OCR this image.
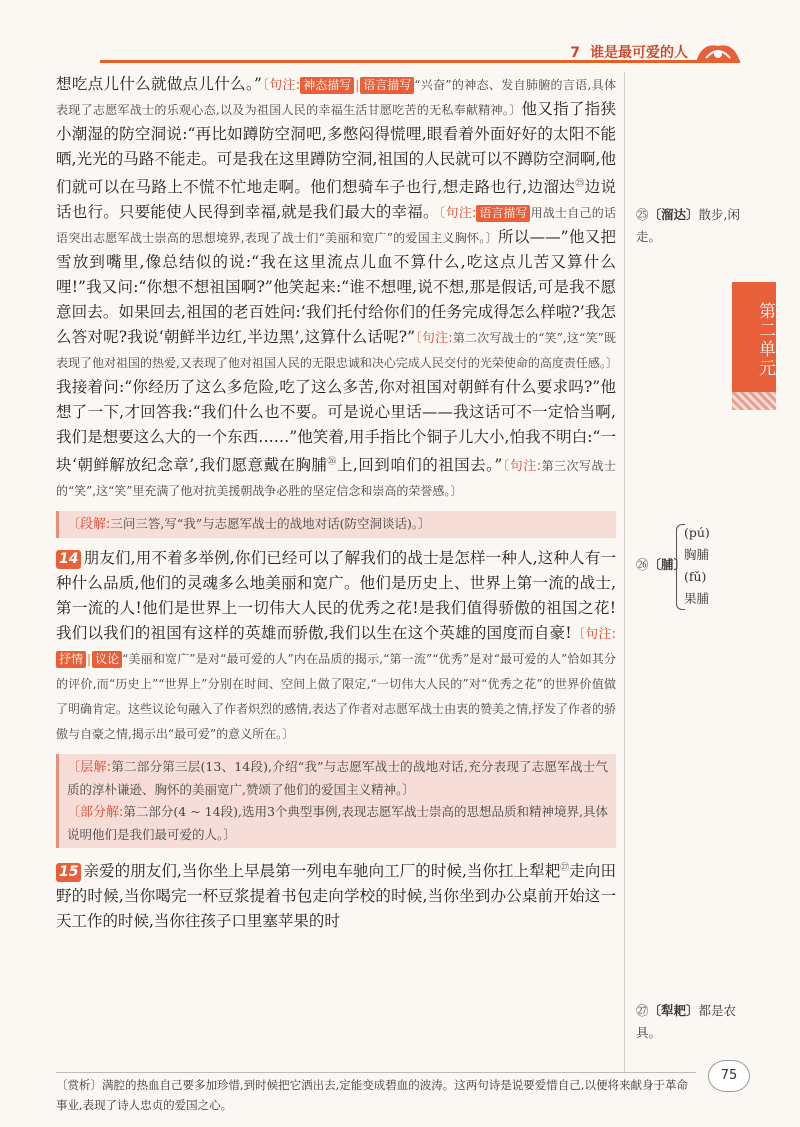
7 谁是最可爱的人

想吃点儿什么就做点儿什么。”〔句注: 神态描写 | 语言描写 “兴奋”的神态、发自肺腑的言语,具体表现了志愿军战士的乐观心态,以及为祖国人民的幸福生活甘愿吃苦的无私奉献精神。〕他又指了指狭小潮湿的防空洞说:“再比如蹲防空洞吧,多憋闷得慌哩,眼看着外面好好的太阳不能晒,光光的马路不能走。可是我在这里蹲防空洞,祖国的人民就可以不蹲防空洞啊,他们就可以在马路上不慌不忙地走啊。他们想骑车子也行,想走路也行,边溜达$^㉕$边说话也行。只要能使人民得到幸福,就是我们最大的幸福。〔句注: 语言描写 用战士自己的话语突出志愿军战士崇高的思想境界,表现了战士们“美丽和宽广”的爱国主义胸怀。〕所以——”他又把雪放到嘴里,像总结似的说:“我在这里流点儿血不算什么,吃这点儿苦又算什么哩!”我又问:“你想不想祖国啊?”他笑起来:“谁不想哩,说不想,那是假话,可是我不愿意回去。如果回去,祖国的老百姓问:‘我们托付给你们的任务完成得怎么样啦?’我怎么答对呢?我说‘朝鲜半边红,半边黑’,这算什么话呢?”〔句注:第二次写战士的“笑”,这“笑”既表现了他对祖国的热爱,又表现了他对祖国人民的无限忠诚和决心完成人民交付的光荣使命的高度责任感。〕我接着问:“你经历了这么多危险,吃了这么多苦,你对祖国对朝鲜有什么要求吗?”他想了一下,才回答我:“我们什么也不要。可是说心里话——我这话可不一定恰当啊,我们是想要这么大的一个东西……”他笑着,用手指比个铜子儿大小,怕我不明白:“一块‘朝鲜解放纪念章’,我们愿意戴在胸脯$^㉖$上,回到咱们的祖国去。”〔句注:第三次写战士的“笑”,这“笑”里充满了他对抗美援朝战争必胜的坚定信念和崇高的荣誉感。〕

〔段解:三问三答,写“我”与志愿军战士的战地对话(防空洞谈话)。〕

14 朋友们,用不着多举例,你们已经可以了解我们的战士是怎样一种人,这种人有一种什么品质,他们的灵魂多么地美丽和宽广。他们是历史上、世界上第一流的战士,第一流的人!他们是世界上一切伟大人民的优秀之花!是我们值得骄傲的祖国之花!我们以我们的祖国有这样的英雄而骄傲,我们以生在这个英雄的国度而自豪!〔句注:抒情 | 议论 “美丽和宽广”是对“最可爱的人”内在品质的揭示,“第一流”“优秀”是对“最可爱的人”恰如其分的评价,而“历史上”“世界上”分别在时间、空间上做了限定,“一切伟大人民的”对“优秀之花”的世界价值做了明确肯定。这些议论句融入了作者炽烈的感情,表达了作者对志愿军战士由衷的赞美之情,抒发了作者的骄傲与自豪之情,揭示出“最可爱”的意义所在。〕

〔层解:第二部分第三层(13、14段),介绍“我”与志愿军战士的战地对话,充分表现了志愿军战士气质的淳朴谦逊、胸怀的美丽宽广,赞颂了他们的爱国主义精神。〕
〔部分解:第二部分(4 ~ 14段),选用3个典型事例,表现志愿军战士崇高的思想品质和精神境界,具体说明他们是我们最可爱的人。〕

15 亲爱的朋友们,当你坐上早晨第一列电车驰向工厂的时候,当你扛上犁耙$^㉗$走向田野的时候,当你喝完一杯豆浆提着书包走向学校的时候,当你坐到办公桌前开始这一天工作的时候,当你往孩子口里塞苹果的时

㉕〔溜达〕散步,闲走。
第二单元
㉖〔脯〕
(pú)
胸脯
(fǔ)
果脯
㉗〔犁耙〕都是农具。
〔赏析〕满腔的热血自己要多加珍惜,到时候把它洒出去,定能变成碧血的波涛。这两句诗是说要爱惜自己,以便将来献身于革命事业,表现了诗人忠贞的爱国之心。
75
